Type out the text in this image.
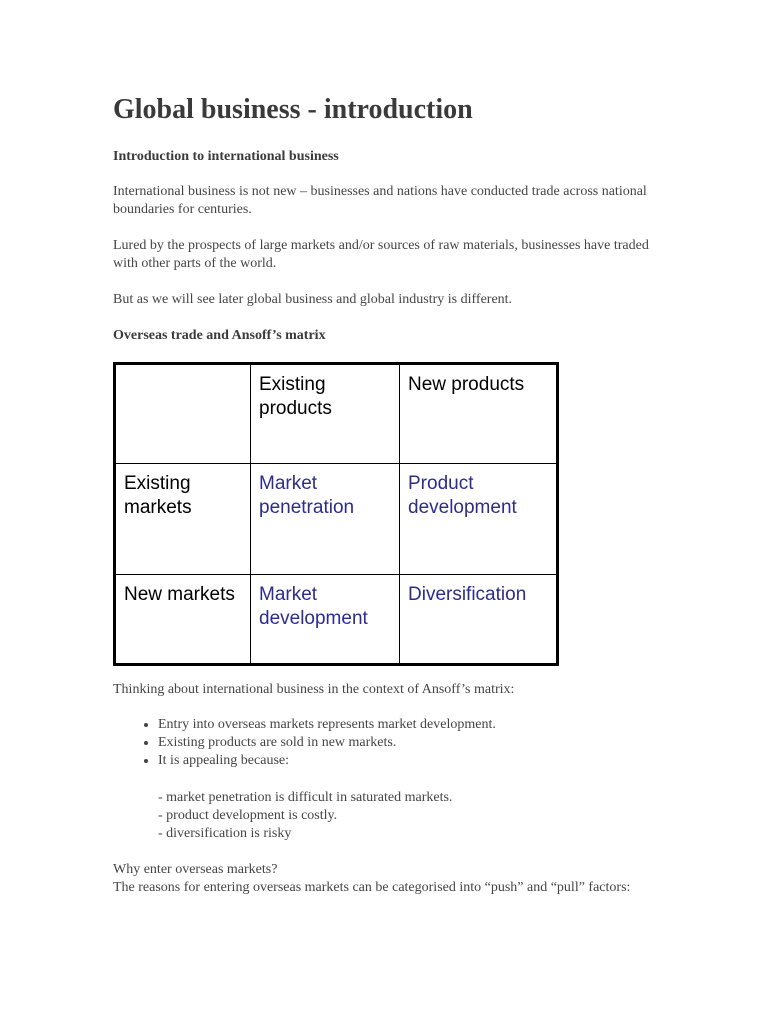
Global business - introduction

Introduction to international business

International business is not new – businesses and nations have conducted trade across national boundaries for centuries.

Lured by the prospects of large markets and/or sources of raw materials, businesses have traded with other parts of the world.

But as we will see later global business and global industry is different.

Overseas trade and Ansoff’s matrix

	Existing products	New products
Existing markets	Market penetration	Product development
New markets	Market development	Diversification

Thinking about international business in the context of Ansoff’s matrix:

• Entry into overseas markets represents market development.
• Existing products are sold in new markets.
• It is appealing because:
- market penetration is difficult in saturated markets.
- product development is costly.
- diversification is risky

Why enter overseas markets?

The reasons for entering overseas markets can be categorised into “push” and “pull” factors:
